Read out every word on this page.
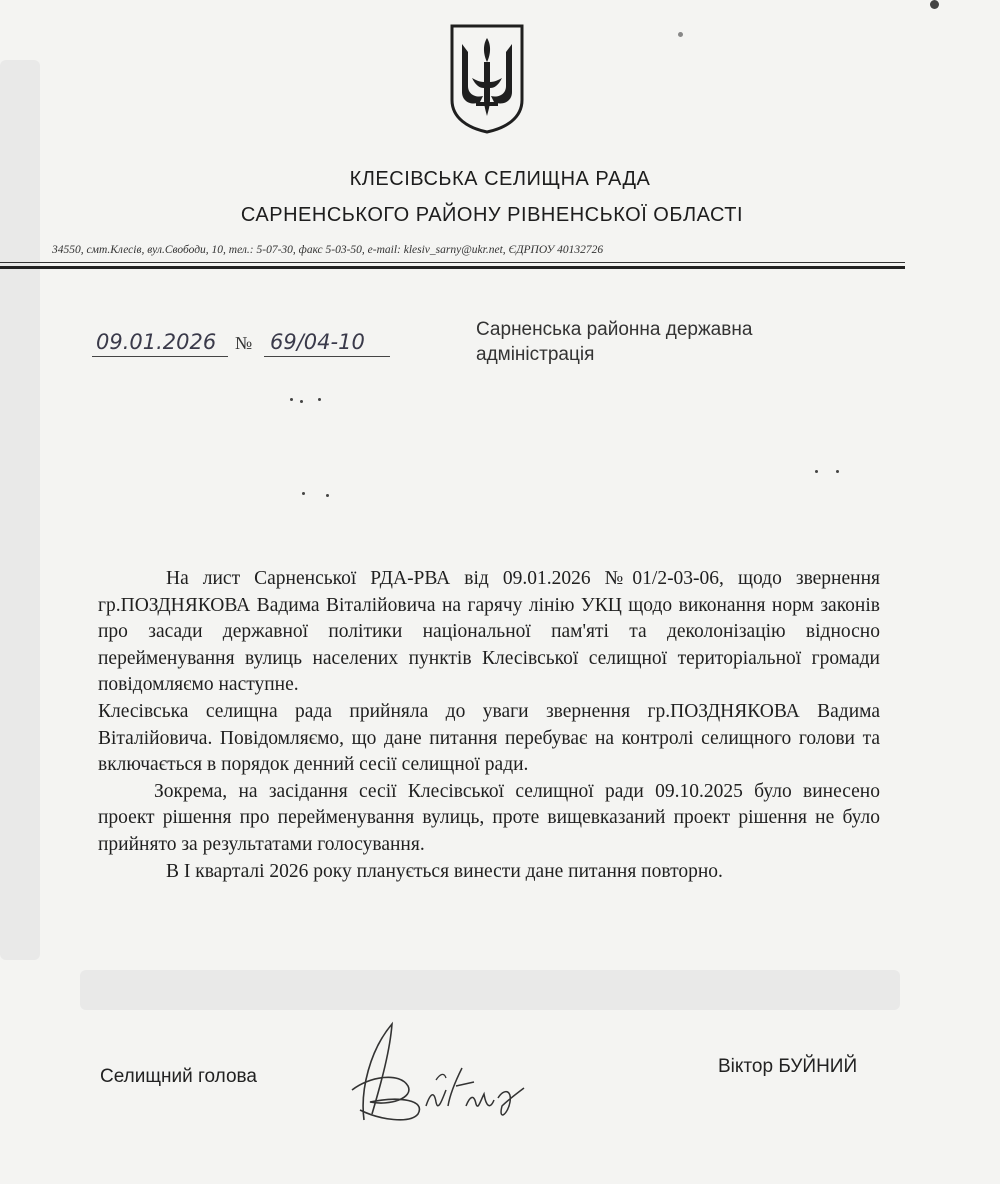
КЛЕСІВСЬКА СЕЛИЩНА РАДА
САРНЕНСЬКОГО РАЙОНУ РІВНЕНСЬКОЇ ОБЛАСТІ
34550, смт.Клесів, вул.Свободи, 10, тел.: 5-07-30, факс 5-03-50, e-mail: klesiv_sarny@ukr.net, ЄДРПОУ 40132726
09.01.2026 № 69/04-10
Сарненська районна державна
адміністрація

На лист Сарненської РДА-РВА від 09.01.2026 №01/2-03-06, щодо звернення гр.ПОЗДНЯКОВА Вадима Віталійовича на гарячу лінію УКЦ щодо виконання норм законів про засади державної політики національної пам'яті та деколонізацію відносно перейменування вулиць населених пунктів Клесівської селищної територіальної громади повідомляємо наступне.

Клесівська селищна рада прийняла до уваги звернення гр.ПОЗДНЯКОВА Вадима Віталійовича. Повідомляємо, що дане питання перебуває на контролі селищного голови та включається в порядок денний сесії селищної ради.

Зокрема, на засідання сесії Клесівської селищної ради 09.10.2025 було винесено проект рішення про перейменування вулиць, проте вищевказаний проект рішення не було прийнято за результатами голосування.

В І кварталі 2026 року планується винести дане питання повторно.

Селищний голова	Віктор БУЙНИЙ
